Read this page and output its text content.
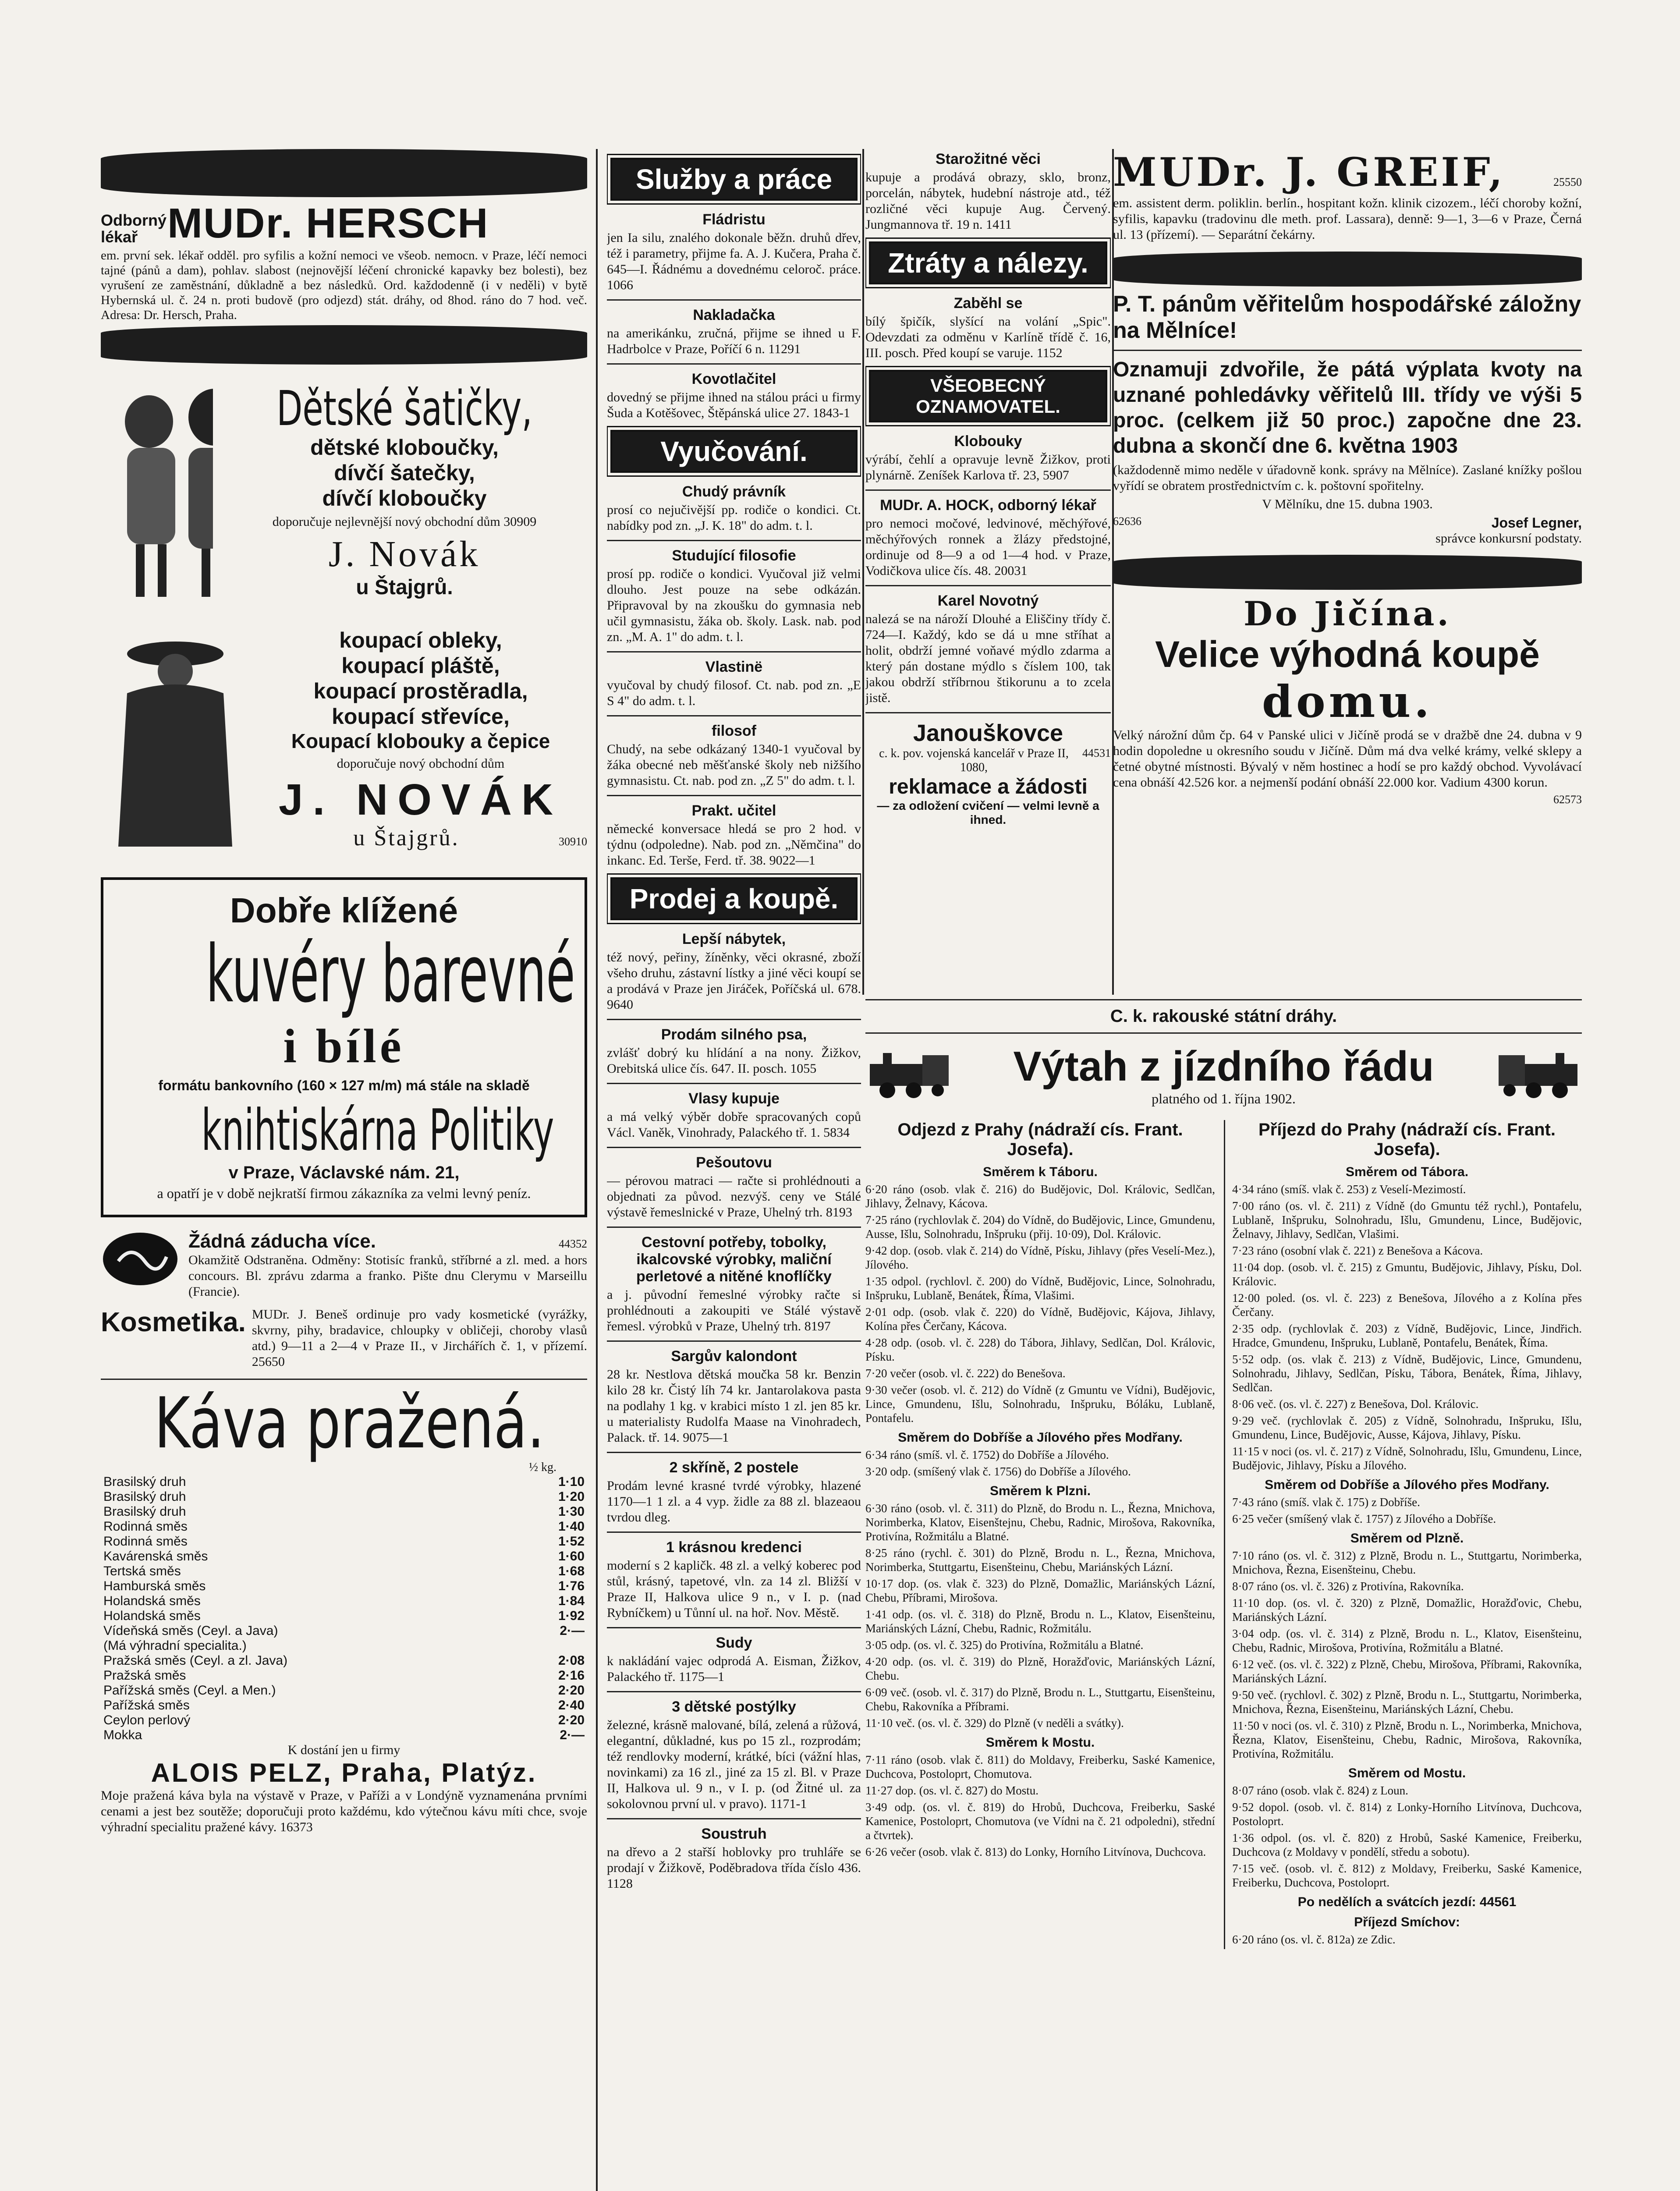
Odborný lékař MUDr. HERSCH

em. první sek. lékař odděl. pro syfilis a kožní nemoci ve všeob. nemocn. v Praze, léčí nemoci tajné (pánů a dam), pohlav. slabost (nejnovější léčení chronické kapavky bez bolesti), bez vyrušení ze zaměstnání, důkladně a bez následků. Ord. každodenně (i v neděli) v bytě Hybernská ul. č. 24 n. proti budově (pro odjezd) stát. dráhy, od 8hod. ráno do 7 hod. več. Adresa: Dr. Hersch, Praha.

Dětské šatičky,
dětské kloboučky,
dívčí šatečky,
dívčí kloboučky
doporučuje nejlevnější nový obchodní dům 30909
J. Novák
u Štajgrů.
koupací obleky,
koupací pláště,
koupací prostěradla,
koupací střevíce,
Koupací klobouky a čepice
doporučuje nový obchodní dům
J. NOVÁK
u Štajgrů.	30910
Dobře klížené
kuvéry barevné
i bílé
formátu bankovního (160 × 127 m/m) má stále na skladě
knihtiskárna Politiky
v Praze, Václavské nám. 21,
a opatří je v době nejkratší firmou zákazníka za velmi levný peníz.
Žádná záducha více.	44352

Okamžitě Odstraněna. Odměny: Stotisíc franků, stříbrné a zl. med. a hors concours. Bl. zprávu zdarma a franko. Pište dnu Clerymu v Marseillu (Francie).

Kosmetika. MUDr. J. Beneš ordinuje pro vady kosmetické (vyrážky, skvrny, pihy, bradavice, chloupky v obličeji, choroby vlasů atd.) 9—11 a 2—4 v Praze II., v Jirchářích č. 1, v přízemí. 25650

Káva pražená.
½ kg.
Brasilský druh	1·10
Brasilský druh	1·20
Brasilský druh	1·30
Rodinná směs	1·40
Rodinná směs	1·52
Kavárenská směs	1·60
Tertská směs	1·68
Hamburská směs	1·76
Holandská směs	1·84
Holandská směs	1·92
Vídeňská směs (Ceyl. a Java)	2·—
(Má výhradní specialita.)	
Pražská směs (Ceyl. a zl. Java)	2·08
Pražská směs	2·16
Pařížská směs (Ceyl. a Men.)	2·20
Pařížská směs	2·40
Ceylon perlový	2·20
Mokka	2·—
K dostání jen u firmy
ALOIS PELZ, Praha, Platýz.

Moje pražená káva byla na výstavě v Praze, v Paříži a v Londýně vyznamenána prvními cenami a jest bez soutěže; doporučuji proto každému, kdo výtečnou kávu míti chce, svoje výhradní specialitu pražené kávy. 16373

Služby a práce
Fládristu

jen Ia silu, znalého dokonale běžn. druhů dřev, též i parametry, přijme fa. A. J. Kučera, Praha č. 645—I. Řádnému a dovednému celoroč. práce. 1066

Nakladačka

na amerikánku, zručná, přijme se ihned u F. Hadrbolce v Praze, Poříčí 6 n. 11291

Kovotlačitel

dovedný se přijme ihned na stálou práci u firmy Šuda a Kotěšovec, Štěpánská ulice 27. 1843-1

Vyučování.
Chudý právník

prosí co nejučivější pp. rodiče o kondici. Ct. nabídky pod zn. „J. K. 18" do adm. t. l.

Studující filosofie

prosí pp. rodiče o kondici. Vyučoval již velmi dlouho. Jest pouze na sebe odkázán. Připravoval by na zkoušku do gymnasia neb učil gymnasistu, žáka ob. školy. Lask. nab. pod zn. „M. A. 1" do adm. t. l.

Vlastinë

vyučoval by chudý filosof. Ct. nab. pod zn. „E S 4" do adm. t. l.

filosof

Chudý, na sebe odkázaný 1340-1 vyučoval by žáka obecné neb měšťanské školy neb nižšího gymnasistu. Ct. nab. pod zn. „Z 5" do adm. t. l.

Prakt. učitel

německé konversace hledá se pro 2 hod. v týdnu (odpoledne). Nab. pod zn. „Němčina" do inkanc. Ed. Terše, Ferd. tř. 38. 9022—1

Prodej a koupě.
Lepší nábytek,

též nový, peřiny, žíněnky, věci okrasné, zboží všeho druhu, zástavní lístky a jiné věci koupí se a prodává v Praze jen Jiráček, Poříčská ul. 678. 9640

Prodám silného psa,

zvlášť dobrý ku hlídání a na nony. Žižkov, Orebitská ulice čís. 647. II. posch. 1055

Vlasy kupuje

a má velký výběr dobře spracovaných copů Václ. Vaněk, Vinohrady, Palackého tř. 1. 5834

Pešoutovu

— pérovou matraci — račte si prohlédnouti a objednati za původ. nezvýš. ceny ve Stálé výstavě řemeslnické v Praze, Uhelný trh. 8193

Cestovní potřeby, tobolky, ikalcovské výrobky, maliční perletové a nitěné knoflíčky

a j. původní řemeslné výrobky račte si prohlédnouti a zakoupiti ve Stálé výstavě řemesl. výrobků v Praze, Uhelný trh. 8197

Sargův kalondont

28 kr. Nestlova dětská moučka 58 kr. Benzin kilo 28 kr. Čistý líh 74 kr. Jantarolakova pasta na podlahy 1 kg. v krabici místo 1 zl. jen 85 kr. u materialisty Rudolfa Maase na Vinohradech, Palack. tř. 14. 9075—1

2 skříně, 2 postele

Prodám levné krasné tvrdé výrobky, hlazené 1170—1 1 zl. a 4 vyp. židle za 88 zl. blazeaou tvrdou dleg.

1 krásnou kredenci

moderní s 2 kapličk. 48 zl. a velký koberec pod stůl, krásný, tapetové, vln. za 14 zl. Bližší v Praze II, Halkova ulice 9 n., v I. p. (nad Rybníčkem) u Tůnní ul. na hoř. Nov. Městě.

Sudy

k nakládání vajec odprodá A. Eisman, Žižkov, Palackého tř. 1175—1

3 dětské postýlky

železné, krásně malované, bílá, zelená a růžová, elegantní, důkladné, kus po 15 zl., rozprodám; též rendlovky moderní, krátké, bíci (vážní hlas, novinkami) za 16 zl., jiné za 15 zl. Bl. v Praze II, Halkova ul. 9 n., v I. p. (od Žitné ul. za sokolovnou první ul. v pravo). 1171-1

Soustruh

na dřevo a 2 stařší hoblovky pro truhláře se prodají v Žižkově, Poděbradova třída číslo 436. 1128

Starožitné věci

kupuje a prodává obrazy, sklo, bronz, porcelán, nábytek, hudební nástroje atd., též rozličné věci kupuje Aug. Červený. Jungmannova tř. 19 n. 1411

Ztráty a nálezy.
Zaběhl se

bílý špičík, slyšící na volání „Spic". Odevzdati za odměnu v Karlíně třídě č. 16, III. posch. Před koupí se varuje. 1152

VŠEOBECNÝ OZNAMOVATEL.
Klobouky

výrábí, čehlí a opravuje levně Žižkov, proti plynárně. Zeníšek Karlova tř. 23, 5907

MUDr. A. HOCK, odborný lékař

pro nemoci močové, ledvinové, měchýřové, měchýřových ronnek a žlázy předstojné, ordinuje od 8—9 a od 1—4 hod. v Praze, Vodičkova ulice čís. 48. 20031

Karel Novotný

nalezá se na nároží Dlouhé a Eliščiny třídy č. 724—I. Každý, kdo se dá u mne stříhat a holit, obdrží jemné voňavé mýdlo zdarma a který pán dostane mýdlo s číslem 100, tak jakou obdrží stříbrnou štikorunu a to zcela jistě.

Janouškovce
c. k. pov. vojenská kancelář v Praze II, 1080,
44531
reklamace a žádosti
— za odložení cvičení — velmi levně a ihned.
MUDr. J. GREIF,	25550

em. assistent derm. poliklin. berlín., hospitant kožn. klinik cizozem., léčí choroby kožní, syfilis, kapavku (tradovinu dle meth. prof. Lassara), denně: 9—1, 3—6 v Praze, Černá ul. 13 (přízemí). — Separátní čekárny.

P. T. pánům věřitelům hospodářské záložny na Mělníce!
Oznamuji zdvořile, že pátá výplata kvoty na uznané pohledávky věřitelů III. třídy ve výši 5 proc. (celkem již 50 proc.) započne dne 23. dubna a skončí dne 6. května 1903

(každodenně mimo neděle v úřadovně konk. správy na Mělníce). Zaslané knížky pošlou vyřídí se obratem prostřednictvím c. k. poštovní spořitelny.

V Mělníku, dne 15. dubna 1903.

62636	Josef Legner,
správce konkursní podstaty.
Do Jičína.
Velice výhodná koupě
domu.

Velký nárožní dům čp. 64 v Panské ulici v Jičíně prodá se v dražbě dne 24. dubna v 9 hodin dopoledne u okresního soudu v Jičíně. Dům má dva velké krámy, velké sklepy a četné obytné místnosti. Bývalý v něm hostinec a hodí se pro každý obchod. Vyvolávací cena obnáší 42.526 kor. a nejmenší podání obnáší 22.000 kor. Vadium 4300 korun.

62573
C. k. rakouské státní dráhy.
Výtah z jízdního řádu
platného od 1. října 1902.
Odjezd z Prahy (nádraží cís. Frant. Josefa).
Směrem k Táboru.

6·20 ráno (osob. vlak č. 216) do Budějovic, Dol. Královic, Sedlčan, Jihlavy, Želnavy, Kácova.

7·25 ráno (rychlovlak č. 204) do Vídně, do Budějovic, Lince, Gmundenu, Ausse, Išlu, Solnohradu, Inšpruku (přij. 10·09), Dol. Královic.

9·42 dop. (osob. vlak č. 214) do Vídně, Písku, Jihlavy (přes Veselí-Mez.), Jílového.

1·35 odpol. (rychlovl. č. 200) do Vídně, Budějovic, Lince, Solnohradu, Inšpruku, Lublaně, Benátek, Říma, Vlašimi.

2·01 odp. (osob. vlak č. 220) do Vídně, Budějovic, Kájova, Jihlavy, Kolína přes Čerčany, Kácova.

4·28 odp. (osob. vl. č. 228) do Tábora, Jihlavy, Sedlčan, Dol. Královic, Písku.

7·20 večer (osob. vl. č. 222) do Benešova.

9·30 večer (osob. vl. č. 212) do Vídně (z Gmuntu ve Vídni), Budějovic, Lince, Gmundenu, Išlu, Solnohradu, Inšpruku, Bóláku, Lublaně, Pontafelu.

Směrem do Dobříše a Jílového přes Modřany.

6·34 ráno (smíš. vl. č. 1752) do Dobříše a Jílového.

3·20 odp. (smíšený vlak č. 1756) do Dobříše a Jílového.

Směrem k Plzni.

6·30 ráno (osob. vl. č. 311) do Plzně, do Brodu n. L., Řezna, Mnichova, Norimberka, Klatov, Eisenštejnu, Chebu, Radnic, Mirošova, Rakovníka, Protivína, Rožmitálu a Blatné.

8·25 ráno (rychl. č. 301) do Plzně, Brodu n. L., Řezna, Mnichova, Norimberka, Stuttgartu, Eisenšteinu, Chebu, Mariánských Lázní.

10·17 dop. (os. vlak č. 323) do Plzně, Domažlic, Mariánských Lázní, Chebu, Příbrami, Mirošova.

1·41 odp. (os. vl. č. 318) do Plzně, Brodu n. L., Klatov, Eisenšteinu, Mariánských Lázní, Chebu, Radnic, Rožmitálu.

3·05 odp. (os. vl. č. 325) do Protivína, Rožmitálu a Blatné.

4·20 odp. (os. vl. č. 319) do Plzně, Horažďovic, Mariánských Lázní, Chebu.

6·09 več. (osob. vl. č. 317) do Plzně, Brodu n. L., Stuttgartu, Eisenšteinu, Chebu, Rakovníka a Příbrami.

11·10 več. (os. vl. č. 329) do Plzně (v neděli a svátky).

Směrem k Mostu.

7·11 ráno (osob. vlak č. 811) do Moldavy, Freiberku, Saské Kamenice, Duchcova, Postoloprt, Chomutova.

11·27 dop. (os. vl. č. 827) do Mostu.

3·49 odp. (os. vl. č. 819) do Hrobů, Duchcova, Freiberku, Saské Kamenice, Postoloprt, Chomutova (ve Vídni na č. 21 odpoledni), střední a čtvrtek).

6·26 večer (osob. vlak č. 813) do Lonky, Horního Litvínova, Duchcova.

Příjezd do Prahy (nádraží cís. Frant. Josefa).
Směrem od Tábora.

4·34 ráno (smíš. vlak č. 253) z Veselí-Mezimostí.

7·00 ráno (os. vl. č. 211) z Vídně (do Gmuntu též rychl.), Pontafelu, Lublaně, Inšpruku, Solnohradu, Išlu, Gmundenu, Lince, Budějovic, Želnavy, Jihlavy, Sedlčan, Vlašimi.

7·23 ráno (osobní vlak č. 221) z Benešova a Kácova.

11·04 dop. (osob. vl. č. 215) z Gmuntu, Budějovic, Jihlavy, Písku, Dol. Královic.

12·00 poled. (os. vl. č. 223) z Benešova, Jílového a z Kolína přes Čerčany.

2·35 odp. (rychlovlak č. 203) z Vídně, Budějovic, Lince, Jindřich. Hradce, Gmundenu, Inšpruku, Lublaně, Pontafelu, Benátek, Říma.

5·52 odp. (os. vlak č. 213) z Vídně, Budějovic, Lince, Gmundenu, Solnohradu, Jihlavy, Sedlčan, Písku, Tábora, Benátek, Říma, Jihlavy, Sedlčan.

8·06 več. (os. vl. č. 227) z Benešova, Dol. Královic.

9·29 več. (rychlovlak č. 205) z Vídně, Solnohradu, Inšpruku, Išlu, Gmundenu, Lince, Budějovic, Ausse, Kájova, Jihlavy, Písku.

11·15 v noci (os. vl. č. 217) z Vídně, Solnohradu, Išlu, Gmundenu, Lince, Budějovic, Jihlavy, Písku a Jílového.

Směrem od Dobříše a Jílového přes Modřany.

7·43 ráno (smíš. vlak č. 175) z Dobříše.

6·25 večer (smíšený vlak č. 1757) z Jílového a Dobříše.

Směrem od Plzně.

7·10 ráno (os. vl. č. 312) z Plzně, Brodu n. L., Stuttgartu, Norimberka, Mnichova, Řezna, Eisenšteinu, Chebu.

8·07 ráno (os. vl. č. 326) z Protivína, Rakovníka.

11·10 dop. (os. vl. č. 320) z Plzně, Domažlic, Horažďovic, Chebu, Mariánských Lázní.

3·04 odp. (os. vl. č. 314) z Plzně, Brodu n. L., Klatov, Eisenšteinu, Chebu, Radnic, Mirošova, Protivína, Rožmitálu a Blatné.

6·12 več. (os. vl. č. 322) z Plzně, Chebu, Mirošova, Příbrami, Rakovníka, Mariánských Lázní.

9·50 več. (rychlovl. č. 302) z Plzně, Brodu n. L., Stuttgartu, Norimberka, Mnichova, Řezna, Eisenšteinu, Mariánských Lázní, Chebu.

11·50 v noci (os. vl. č. 310) z Plzně, Brodu n. L., Norimberka, Mnichova, Řezna, Klatov, Eisenšteinu, Chebu, Radnic, Mirošova, Rakovníka, Protivína, Rožmitálu.

Směrem od Mostu.

8·07 ráno (osob. vlak č. 824) z Loun.

9·52 dopol. (osob. vl. č. 814) z Lonky-Horního Litvínova, Duchcova, Postoloprt.

1·36 odpol. (os. vl. č. 820) z Hrobů, Saské Kamenice, Freiberku, Duchcova (z Moldavy v pondělí, středu a sobotu).

7·15 več. (osob. vl. č. 812) z Moldavy, Freiberku, Saské Kamenice, Freiberku, Duchcova, Postoloprt.

Po nedělích a svátcích jezdí: 44561
Příjezd Smíchov:

6·20 ráno (os. vl. č. 812a) ze Zdic.
